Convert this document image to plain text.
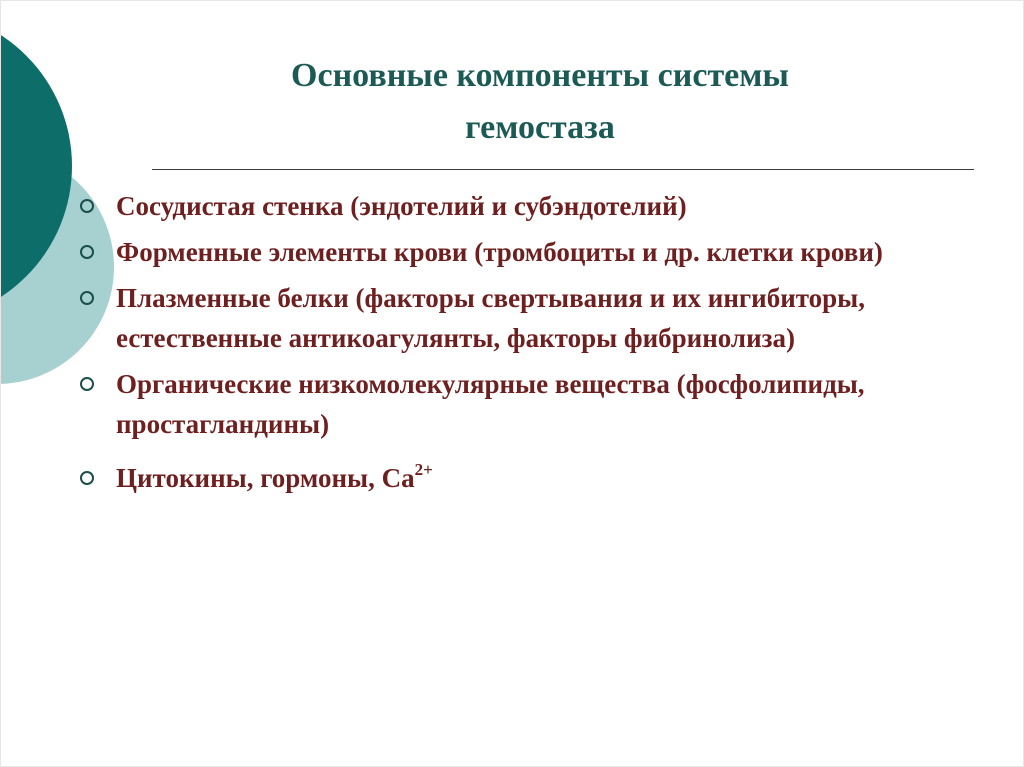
Основные компоненты системы
гемостаза
Сосудистая стенка (эндотелий и субэндотелий)
Форменные элементы крови (тромбоциты и др. клетки крови)
Плазменные белки (факторы свертывания и их ингибиторы, естественные антикоагулянты, факторы фибринолиза)
Органические низкомолекулярные вещества (фосфолипиды, простагландины)
Цитокины, гормоны, $Ca^{2+}$
